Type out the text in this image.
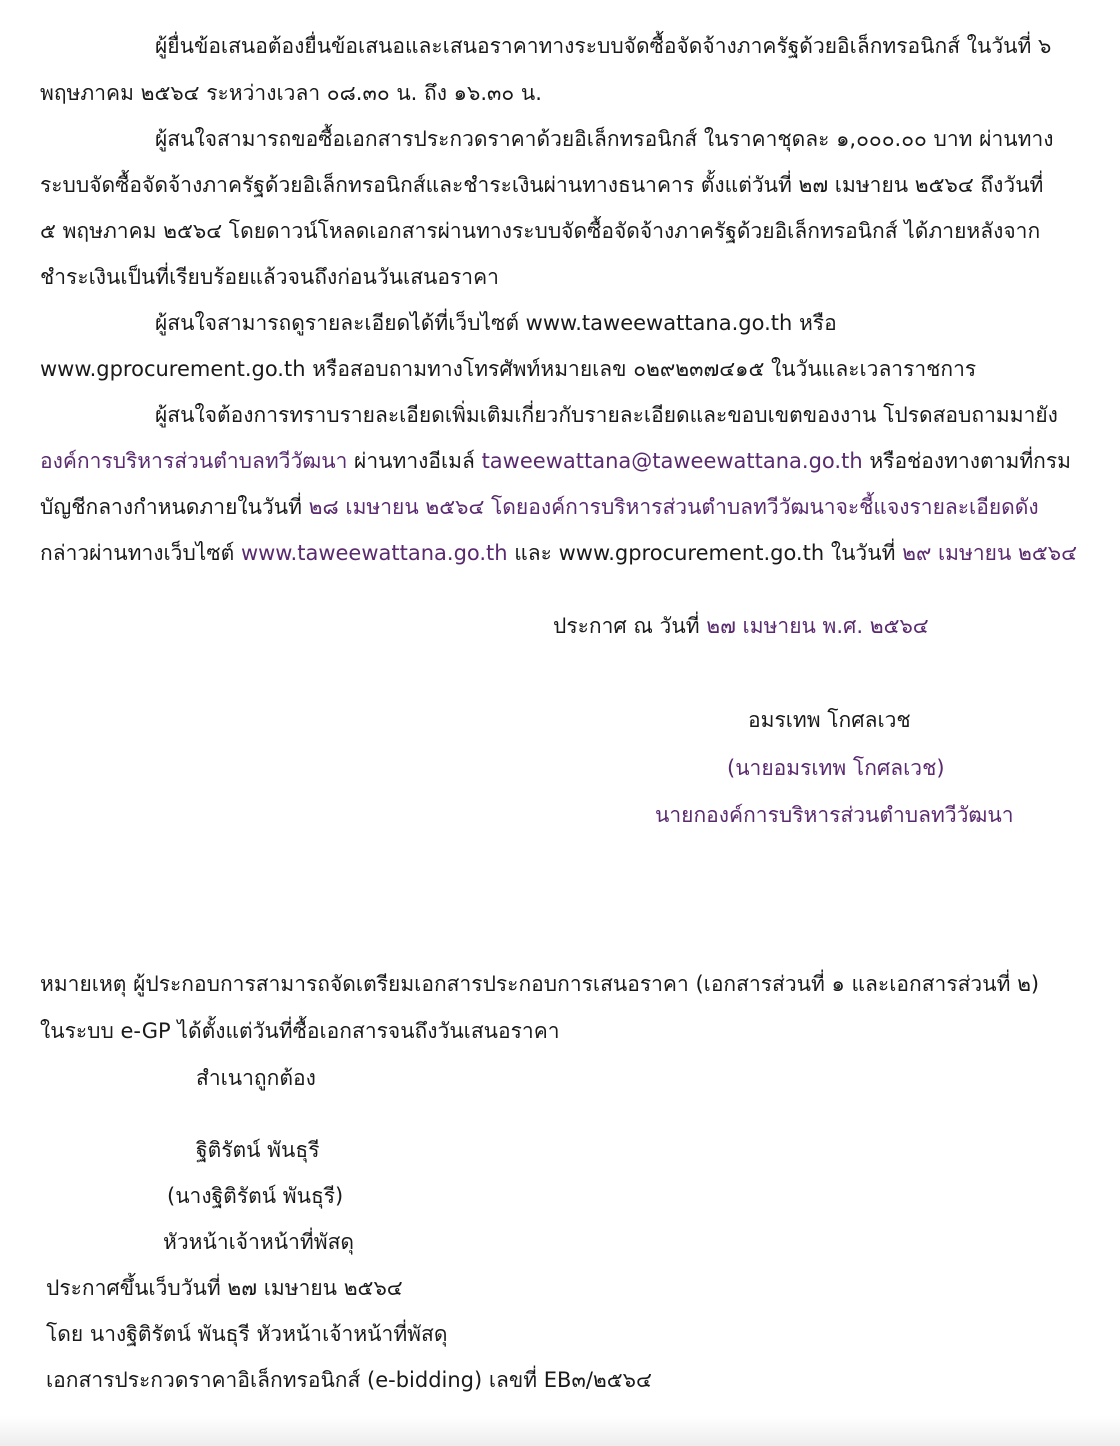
ผู้ยื่นข้อเสนอต้องยื่นข้อเสนอและเสนอราคาทางระบบจัดซื้อจัดจ้างภาครัฐด้วยอิเล็กทรอนิกส์ ในวันที่ ๖
พฤษภาคม ๒๕๖๔ ระหว่างเวลา ๐๘.๓๐ น. ถึง ๑๖.๓๐ น.
ผู้สนใจสามารถขอซื้อเอกสารประกวดราคาด้วยอิเล็กทรอนิกส์ ในราคาชุดละ ๑,๐๐๐.๐๐ บาท ผ่านทาง
ระบบจัดซื้อจัดจ้างภาครัฐด้วยอิเล็กทรอนิกส์และชำระเงินผ่านทางธนาคาร ตั้งแต่วันที่ ๒๗ เมษายน ๒๕๖๔ ถึงวันที่
๕ พฤษภาคม ๒๕๖๔ โดยดาวน์โหลดเอกสารผ่านทางระบบจัดซื้อจัดจ้างภาครัฐด้วยอิเล็กทรอนิกส์ ได้ภายหลังจาก
ชำระเงินเป็นที่เรียบร้อยแล้วจนถึงก่อนวันเสนอราคา
ผู้สนใจสามารถดูรายละเอียดได้ที่เว็บไซต์ www.taweewattana.go.th หรือ
www.gprocurement.go.th หรือสอบถามทางโทรศัพท์หมายเลข ๐๒๙๒๓๗๔๑๕ ในวันและเวลาราชการ
ผู้สนใจต้องการทราบรายละเอียดเพิ่มเติมเกี่ยวกับรายละเอียดและขอบเขตของงาน โปรดสอบถามมายัง
องค์การบริหารส่วนตำบลทวีวัฒนา ผ่านทางอีเมล์ taweewattana@taweewattana.go.th หรือช่องทางตามที่กรม
บัญชีกลางกำหนดภายในวันที่ ๒๘ เมษายน ๒๕๖๔ โดยองค์การบริหารส่วนตำบลทวีวัฒนาจะชี้แจงรายละเอียดดัง
กล่าวผ่านทางเว็บไซต์ www.taweewattana.go.th และ www.gprocurement.go.th ในวันที่ ๒๙ เมษายน ๒๕๖๔
ประกาศ ณ วันที่ ๒๗ เมษายน พ.ศ. ๒๕๖๔
อมรเทพ โกศลเวช
(นายอมรเทพ โกศลเวช)
นายกองค์การบริหารส่วนตำบลทวีวัฒนา
หมายเหตุ ผู้ประกอบการสามารถจัดเตรียมเอกสารประกอบการเสนอราคา (เอกสารส่วนที่ ๑ และเอกสารส่วนที่ ๒)
ในระบบ e-GP ได้ตั้งแต่วันที่ซื้อเอกสารจนถึงวันเสนอราคา
สำเนาถูกต้อง
ฐิติรัตน์ พันธุรี
(นางฐิติรัตน์ พันธุรี)
หัวหน้าเจ้าหน้าที่พัสดุ
ประกาศขึ้นเว็บวันที่ ๒๗ เมษายน ๒๕๖๔
โดย นางฐิติรัตน์ พันธุรี หัวหน้าเจ้าหน้าที่พัสดุ
เอกสารประกวดราคาอิเล็กทรอนิกส์ (e-bidding) เลขที่ EB๓/๒๕๖๔
